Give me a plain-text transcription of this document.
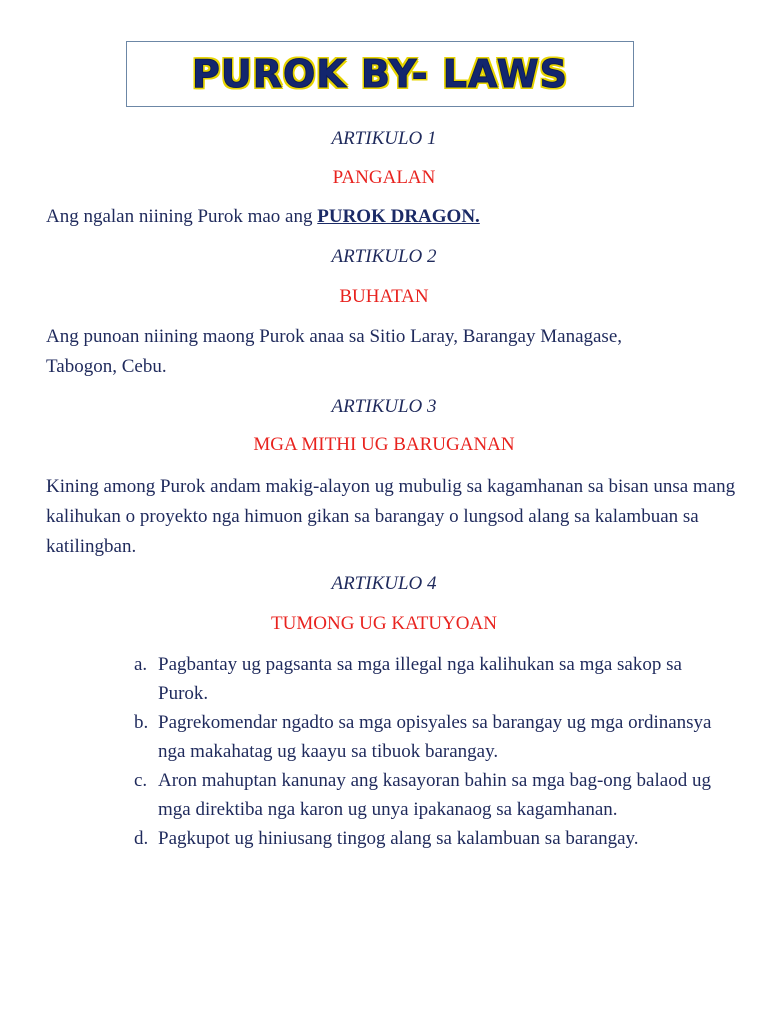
PUROK BY- LAWS
ARTIKULO 1
PANGALAN

Ang ngalan niining Purok mao ang PUROK DRAGON.

ARTIKULO 2
BUHATAN

Ang punoan niining maong Purok anaa sa Sitio Laray, Barangay Managase, Tabogon, Cebu.

ARTIKULO 3
MGA MITHI UG BARUGANAN

Kining among Purok andam makig-alayon ug mubulig sa kagamhanan sa bisan unsa mang kalihukan o proyekto nga himuon gikan sa barangay o lungsod alang sa kalambuan sa katilingban.

ARTIKULO 4
TUMONG UG KATUYOAN
a. Pagbantay ug pagsanta sa mga illegal nga kalihukan sa mga sakop sa Purok.
b. Pagrekomendar ngadto sa mga opisyales sa barangay ug mga ordinansya nga makahatag ug kaayu sa tibuok barangay.
c. Aron mahuptan kanunay ang kasayoran bahin sa mga bag-ong balaod ug mga direktiba nga karon ug unya ipakanaog sa kagamhanan.
d. Pagkupot ug hiniusang tingog alang sa kalambuan sa barangay.
